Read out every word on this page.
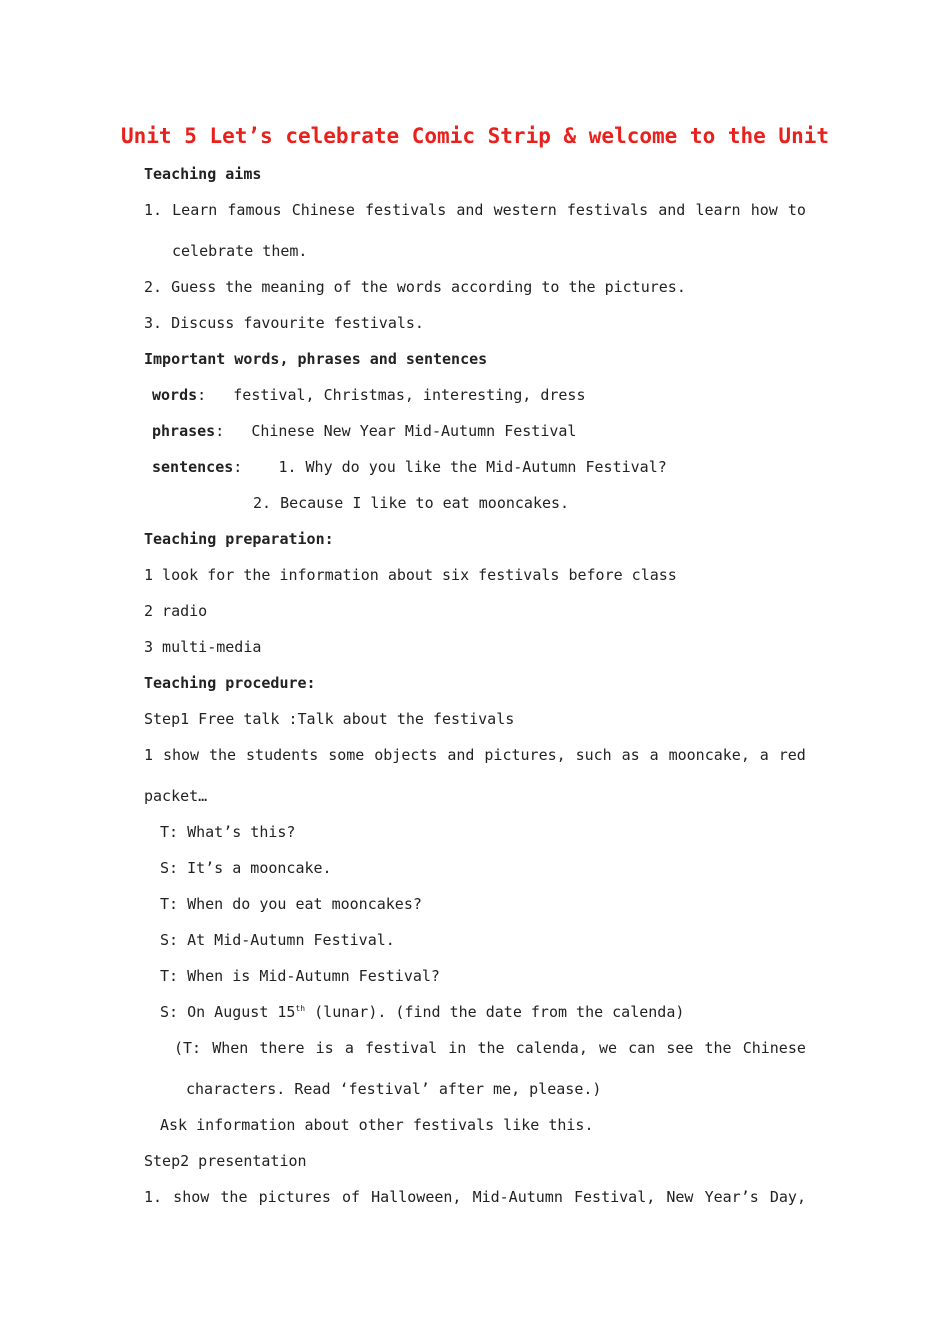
Unit 5 Let’s celebrate Comic Strip & welcome to the Unit
Teaching aims
1. Learn famous Chinese festivals and western festivals and learn how to
celebrate them.
2. Guess the meaning of the words according to the pictures.
3. Discuss favourite festivals.
Important words, phrases and sentences
words:   festival, Christmas, interesting, dress
phrases:   Chinese New Year Mid-Autumn Festival
sentences:    1. Why do you like the Mid-Autumn Festival?
2. Because I like to eat mooncakes.
Teaching preparation:
1 look for the information about six festivals before class
2 radio
3 multi-media
Teaching procedure:
Step1 Free talk :Talk about the festivals
1 show the students some objects and pictures, such as a mooncake, a red
packet…
T: What’s this?
S: It’s a mooncake.
T: When do you eat mooncakes?
S: At Mid-Autumn Festival.
T: When is Mid-Autumn Festival?
S: On August 15th (lunar). (find the date from the calenda)
(T: When there is a festival in the calenda, we can see the Chinese
characters. Read ‘festival’ after me, please.)
Ask information about other festivals like this.
Step2 presentation
1. show the pictures of Halloween, Mid-Autumn Festival, New Year’s Day,
